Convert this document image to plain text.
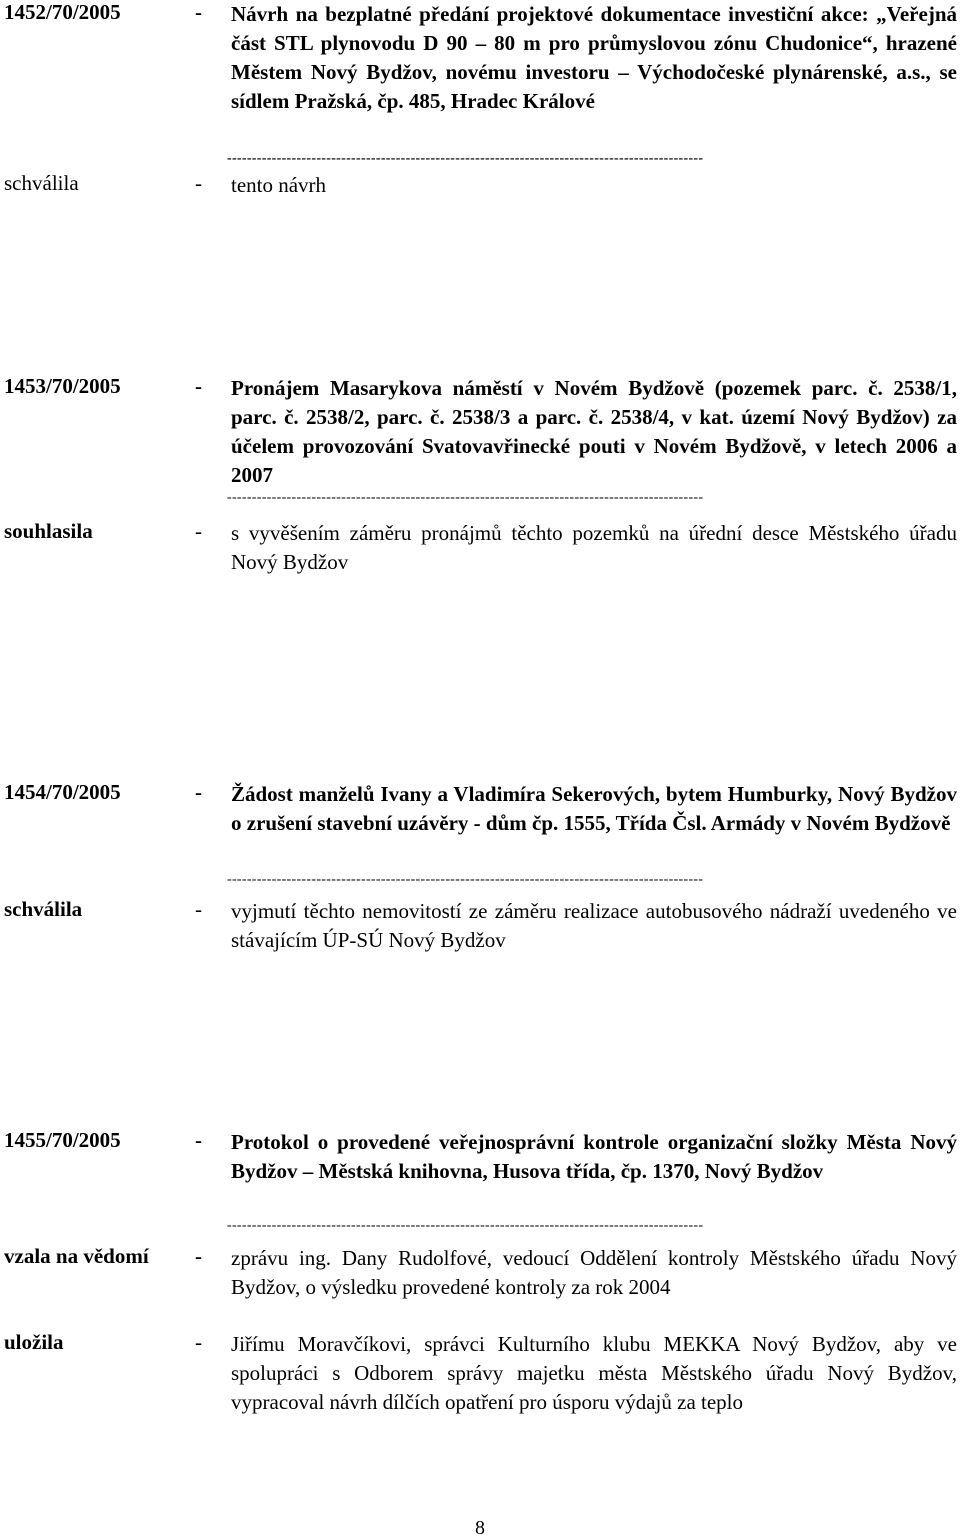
1452/70/2005	- Návrh na bezplatné předání projektové dokumentace investiční akce: „Veřejná část STL plynovodu D 90 – 80 m pro průmyslovou zónu Chudonice“, hrazené Městem Nový Bydžov, novému investoru – Východočeské plynárenské, a.s., se sídlem Pražská, čp. 485, Hradec Králové
------------------------------------------------------------------------------------------------
schválila	- tento návrh
1453/70/2005	- Pronájem Masarykova náměstí v Novém Bydžově (pozemek parc. č. 2538/1, parc. č. 2538/2, parc. č. 2538/3 a parc. č. 2538/4, v kat. území Nový Bydžov) za účelem provozování Svatovavřinecké pouti v Novém Bydžově, v letech 2006 a 2007
------------------------------------------------------------------------------------------------
souhlasila	- s vyvěšením záměru pronájmů těchto pozemků na úřední desce Městského úřadu Nový Bydžov
1454/70/2005	- Žádost manželů Ivany a Vladimíra Sekerových, bytem Humburky, Nový Bydžov o zrušení stavební uzávěry - dům čp. 1555, Třída Čsl. Armády v Novém Bydžově
------------------------------------------------------------------------------------------------
schválila	- vyjmutí těchto nemovitostí ze záměru realizace autobusového nádraží uvedeného ve stávajícím ÚP-SÚ Nový Bydžov
1455/70/2005	- Protokol o provedené veřejnosprávní kontrole organizační složky Města Nový Bydžov – Městská knihovna, Husova třída, čp. 1370, Nový Bydžov
------------------------------------------------------------------------------------------------
vzala na vědomí - zprávu ing. Dany Rudolfové, vedoucí Oddělení kontroly Městského úřadu Nový Bydžov, o výsledku provedené kontroly za rok 2004
uložila	- Jiřímu Moravčíkovi, správci Kulturního klubu MEKKA Nový Bydžov, aby ve spolupráci s Odborem správy majetku města Městského úřadu Nový Bydžov, vypracoval návrh dílčích opatření pro úsporu výdajů za teplo
8
